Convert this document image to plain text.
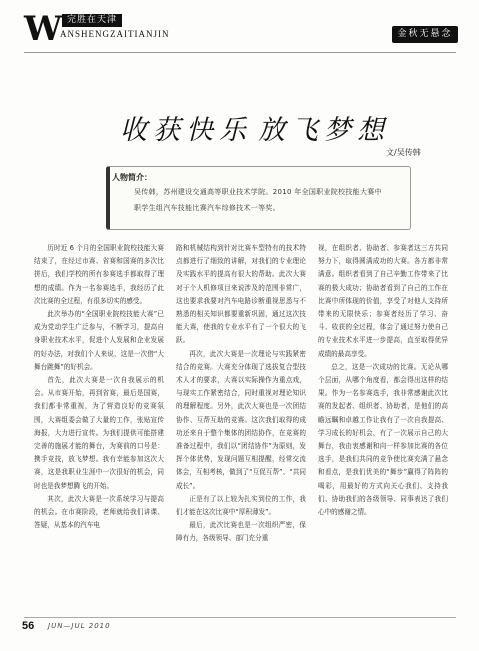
W 完胜在天津
ANSHENGZAITIANJIN	金秋无悬念
收获快乐 放飞梦想
文/吴传韩
人物简介：
吴传韩，苏州建设交通高等职业技术学院。2010 年全国职业院校技能大赛中
职学生组汽车技能比赛汽车综修技术一等奖。

历时近 6 个月的全国职业院校技能大赛结束了，在经过市赛、省赛和国赛的多次比拼后，我们学校的所有参赛选手都取得了理想的成绩。作为一名参赛选手，我经历了此次比赛的全过程，有很多切实的感受。

此次举办的“全国职业院校技能大赛”已成为党动学生广泛参与，不断学习，提高自身职业技术水平，促进个人发展和企业发展的好办法，对我们个人来说，这是一次借“大舞台跳舞”的好机会。

首先，此次大赛是一次自我展示的机会。从市赛开始，再到省赛，最后是国赛，我们都非常重视，为了营造良好的竞赛氛围，大赛组委会做了大量的工作，张贴宣传海报，大力进行宣传。为我们提供可能搭建完善的施展才能的舞台，为赛前的口号是：携手竞技，放飞梦想。我有幸能参加这次大赛，这是我职业生涯中一次很好的机会，同时也是我梦想腾飞的开始。

其次，此次大赛是一次系统学习与提高的机会。在市赛阶段，老师就给我们讲课、答疑，从基本的汽车电

路和机械结构到针对比赛车型特有的技术特点都进行了细致的讲解，对我们的专业理论及实践水平的提高有很大的帮助。此次大赛对于个人机修项目来说涉及的范围非常广，这也要求我要对汽车电路诊断重视思悉与不熟悉的相关知识都要重新巩固，通过这次技能大赛，使我的专业水平有了一个很大的飞跃。

再次，此次大赛是一次理论与实践紧密结合的竞赛。大赛充分体现了选拔复合型技术人才的要求，大赛以实际操作为重点戏，与现实工作紧密结合，同时重视对理论知识的理解程度。另外，此次大赛也是一次团结协作、互帮互助的竞赛。这次我们取得的成功还来自于整个集体的团结协作，在竞赛的准备过程中，我们以“团结协作”为原则，发挥个体优势，发现问题互相提醒，经常交流体会，互相考核，做到了“互促互帮”、“共同成长”。

正是有了以上较为扎实到位的工作，我们才能在这次比赛中“厚积薄发”。

最后，此次比赛也是一次组织严密，保障有力，各级领导、部门充分重

视，在组织者、协助者、参赛者这三方共同努力下，取得圆满成功的大赛。各方都非常满意。组织者看到了自己辛勤工作带来了比赛的极大成功；协助者看到了自己的工作在比赛中所体现的价值，享受了对他人支持所带来的无限快乐；参赛者经历了学习、奋斗、收获的全过程，体会了通过努力使自己的专业技术水平进一步提高，直至取得优异成绩的最高享受。

总之，这是一次成功的比赛。无论从哪个层面，从哪个角度看，都会得出这样的结果。作为一名参赛选手，我非常感谢此次比赛的发起者、组织者、协助者，是他们的高瞻远瞩和卓越工作让我有了一次自我提高、学习成长的好机会，有了一次展示自己的大舞台，我由衷感谢和向一样参加比赛的各位选手，是我们共同的竞争使比赛充满了悬念和看点，是我们优美的“舞步”赢得了阵阵的喝彩，用最好的方式向关心我们、支持我们、协助我们的各级领导、同事表达了我们心中的感谢之情。

56 JUN—JUL 2010
